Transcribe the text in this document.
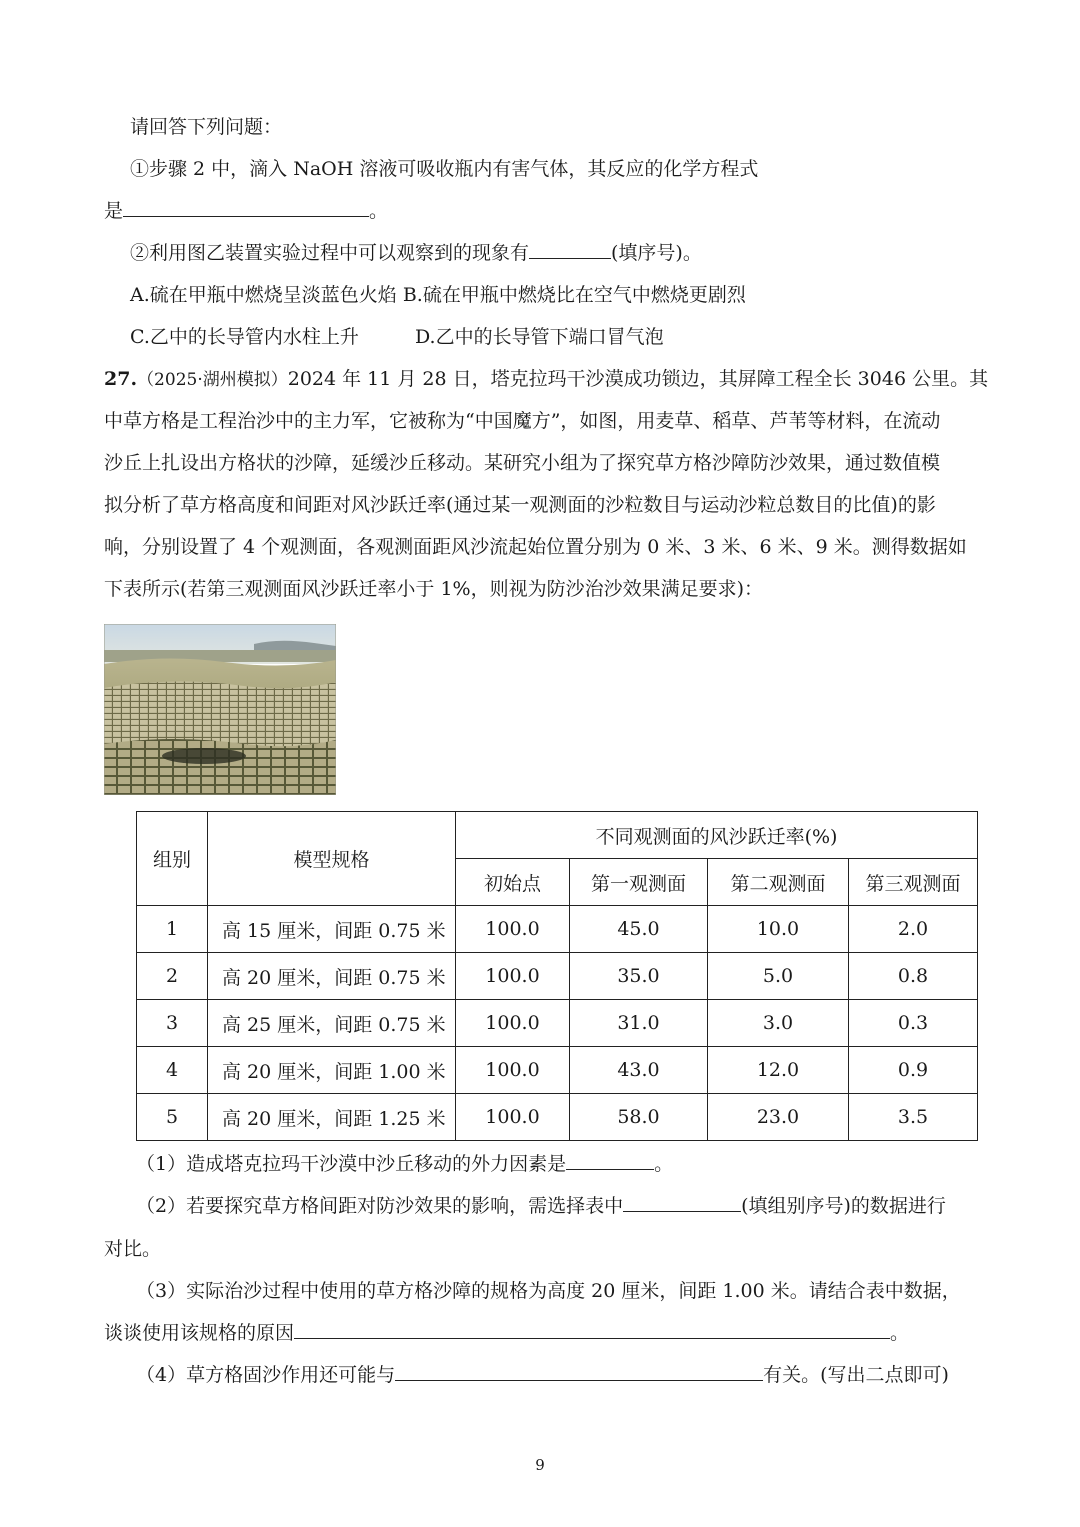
请回答下列问题：
①步骤 2 中，滴入 NaOH 溶液可吸收瓶内有害气体，其反应的化学方程式
是	。
②利用图乙装置实验过程中可以观察到的现象有	(填序号)。
A.硫在甲瓶中燃烧呈淡蓝色火焰 B.硫在甲瓶中燃烧比在空气中燃烧更剧烈
C.乙中的长导管内水柱上升	D.乙中的长导管下端口冒气泡
27.（2025·湖州模拟）2024 年 11 月 28 日，塔克拉玛干沙漠成功锁边，其屏障工程全长 3046 公里。其
中草方格是工程治沙中的主力军，它被称为“中国魔方”，如图，用麦草、稻草、芦苇等材料，在流动
沙丘上扎设出方格状的沙障，延缓沙丘移动。某研究小组为了探究草方格沙障防沙效果，通过数值模
拟分析了草方格高度和间距对风沙跃迁率(通过某一观测面的沙粒数目与运动沙粒总数目的比值)的影
响，分别设置了 4 个观测面，各观测面距风沙流起始位置分别为 0 米、3 米、6 米、9 米。测得数据如
下表所示(若第三观测面风沙跃迁率小于 1%，则视为防沙治沙效果满足要求)：
组别	模型规格	不同观测面的风沙跃迁率(%)			
		初始点	第一观测面	第二观测面	第三观测面
1	高 15 厘米，间距 0.75 米	100.0	45.0	10.0	2.0
2	高 20 厘米，间距 0.75 米	100.0	35.0	5.0	0.8
3	高 25 厘米，间距 0.75 米	100.0	31.0	3.0	0.3
4	高 20 厘米，间距 1.00 米	100.0	43.0	12.0	0.9
5	高 20 厘米，间距 1.25 米	100.0	58.0	23.0	3.5
（1）造成塔克拉玛干沙漠中沙丘移动的外力因素是	。
（2）若要探究草方格间距对防沙效果的影响，需选择表中	(填组别序号)的数据进行
对比。
（3）实际治沙过程中使用的草方格沙障的规格为高度 20 厘米，间距 1.00 米。请结合表中数据，
谈谈使用该规格的原因	。
（4）草方格固沙作用还可能与	有关。(写出二点即可)
9
